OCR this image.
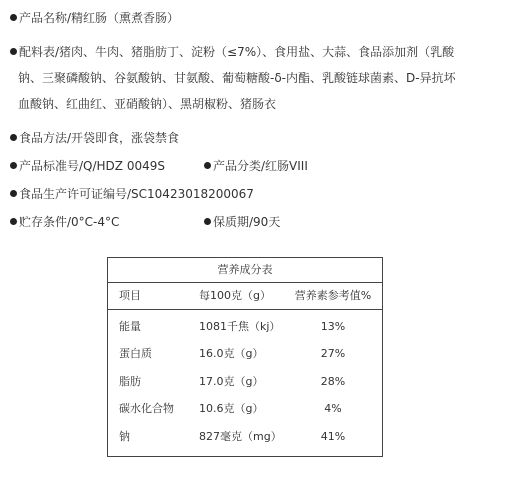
产品名称/精红肠（熏煮香肠）
配料表/猪肉、牛肉、猪脂肪丁、淀粉（≤7%）、食用盐、大蒜、食品添加剂（乳酸
钠、三聚磷酸钠、谷氨酸钠、甘氨酸、葡萄糖酸-δ-内酯、乳酸链球菌素、D-异抗坏
血酸钠、红曲红、亚硝酸钠）、黑胡椒粉、猪肠衣
食品方法/开袋即食，涨袋禁食
产品标准号/Q/HDZ 0049S	产品分类/红肠VIII
食品生产许可证编号/SC10423018200067
贮存条件/0°C-4°C	保质期/90天
营养成分表
项目	每100克（g）	营养素参考值%
能量	1081千焦（kj）	13%
蛋白质	16.0克（g）	27%
脂肪	17.0克（g）	28%
碳水化合物 10.6克（g）	4%
钠	827毫克（mg）	41%
